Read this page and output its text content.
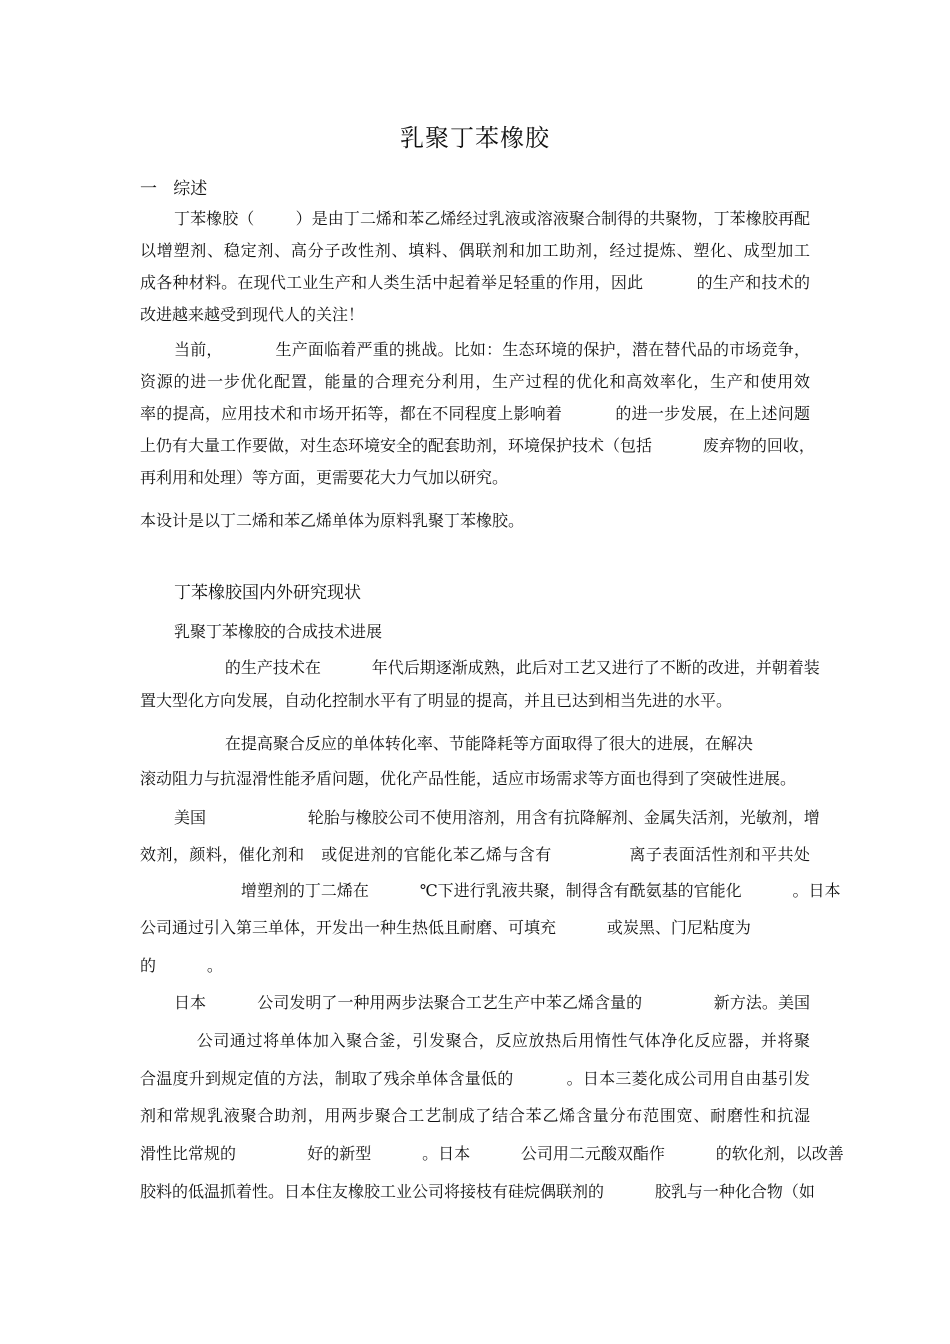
乳聚丁苯橡胶
一   综述
丁苯橡胶（        ）是由丁二烯和苯乙烯经过乳液或溶液聚合制得的共聚物，丁苯橡胶再配
以增塑剂、稳定剂、高分子改性剂、填料、偶联剂和加工助剂，经过提炼、塑化、成型加工
成各种材料。在现代工业生产和人类生活中起着举足轻重的作用，因此          的生产和技术的
改进越来越受到现代人的关注！
当前，          生产面临着严重的挑战。比如：生态环境的保护，潜在替代品的市场竞争，
资源的进一步优化配置，能量的合理充分利用，生产过程的优化和高效率化，生产和使用效
率的提高，应用技术和市场开拓等，都在不同程度上影响着          的进一步发展，在上述问题
上仍有大量工作要做，对生态环境安全的配套助剂，环境保护技术（包括          废弃物的回收，
再利用和处理）等方面，更需要花大力气加以研究。
本设计是以丁二烯和苯乙烯单体为原料乳聚丁苯橡胶。
丁苯橡胶国内外研究现状
乳聚丁苯橡胶的合成技术进展
的生产技术在          年代后期逐渐成熟，此后对工艺又进行了不断的改进，并朝着装
置大型化方向发展，自动化控制水平有了明显的提高，并且已达到相当先进的水平。
在提高聚合反应的单体转化率、节能降耗等方面取得了很大的进展，在解决
滚动阻力与抗湿滑性能矛盾问题，优化产品性能，适应市场需求等方面也得到了突破性进展。
美国                    轮胎与橡胶公司不使用溶剂，用含有抗降解剂、金属失活剂，光敏剂，增
效剂，颜料，催化剂和   或促进剂的官能化苯乙烯与含有              离子表面活性剂和平共处
增塑剂的丁二烯在          ℃下进行乳液共聚，制得含有酰氨基的官能化          。日本
公司通过引入第三单体，开发出一种生热低且耐磨、可填充          或炭黑、门尼粘度为
的          。
日本          公司发明了一种用两步法聚合工艺生产中苯乙烯含量的              新方法。美国
公司通过将单体加入聚合釜，引发聚合，反应放热后用惰性气体净化反应器，并将聚
合温度升到规定值的方法，制取了残余单体含量低的          。日本三菱化成公司用自由基引发
剂和常规乳液聚合助剂，用两步聚合工艺制成了结合苯乙烯含量分布范围宽、耐磨性和抗湿
滑性比常规的              好的新型          。日本          公司用二元酸双酯作          的软化剂，以改善
胶料的低温抓着性。日本住友橡胶工业公司将接枝有硅烷偶联剂的          胶乳与一种化合物（如
